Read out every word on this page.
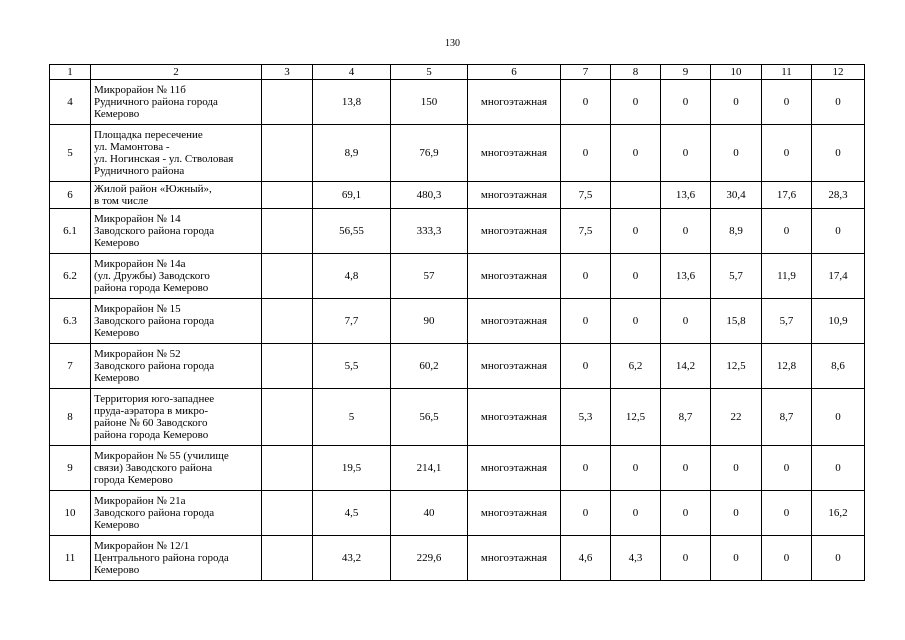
130
1	2	3	4	5	6	7	8	9	10	11	12
4	Микрорайон № 11б
Рудничного района города
Кемерово		13,8	150	многоэтажная	0	0	0	0	0	0
5	Площадка пересечение
ул. Мамонтова -
ул. Ногинская - ул. Стволовая
Рудничного района		8,9	76,9	многоэтажная	0	0	0	0	0	0
6	Жилой район «Южный»,
в том числе		69,1	480,3	многоэтажная	7,5		13,6	30,4	17,6	28,3
6.1	Микрорайон № 14
Заводского района города
Кемерово		56,55	333,3	многоэтажная	7,5	0	0	8,9	0	0
6.2	Микрорайон № 14а
(ул. Дружбы) Заводского
района города Кемерово		4,8	57	многоэтажная	0	0	13,6	5,7	11,9	17,4
6.3	Микрорайон № 15
Заводского района города
Кемерово		7,7	90	многоэтажная	0	0	0	15,8	5,7	10,9
7	Микрорайон № 52
Заводского района города
Кемерово		5,5	60,2	многоэтажная	0	6,2	14,2	12,5	12,8	8,6
8	Территория юго-западнее
пруда-аэратора в микро-
районе № 60 Заводского
района города Кемерово		5	56,5	многоэтажная	5,3	12,5	8,7	22	8,7	0
9	Микрорайон № 55 (училище
связи) Заводского района
города Кемерово		19,5	214,1	многоэтажная	0	0	0	0	0	0
10	Микрорайон № 21а
Заводского района города
Кемерово		4,5	40	многоэтажная	0	0	0	0	0	16,2
11	Микрорайон № 12/1
Центрального района города
Кемерово		43,2	229,6	многоэтажная	4,6	4,3	0	0	0	0
